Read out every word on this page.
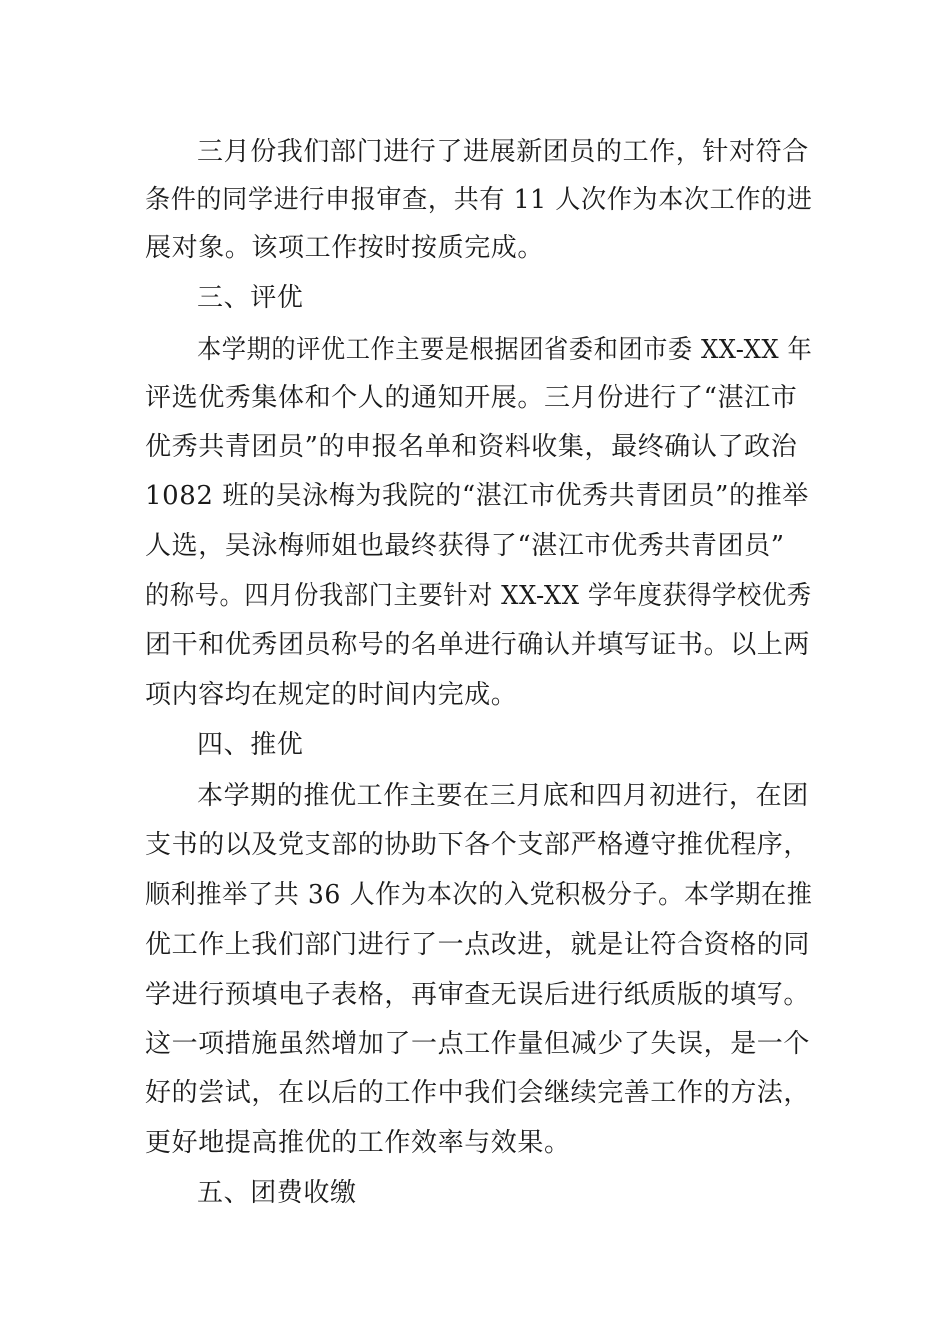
三月份我们部门进行了进展新团员的工作，针对符合
条件的同学进行申报审查，共有 11 人次作为本次工作的进
展对象。该项工作按时按质完成。
三、评优
本学期的评优工作主要是根据团省委和团市委 XX-XX 年
评选优秀集体和个人的通知开展。三月份进行了“湛江市
优秀共青团员”的申报名单和资料收集，最终确认了政治
1082 班的吴泳梅为我院的“湛江市优秀共青团员”的推举
人选，吴泳梅师姐也最终获得了“湛江市优秀共青团员”
的称号。四月份我部门主要针对 XX-XX 学年度获得学校优秀
团干和优秀团员称号的名单进行确认并填写证书。以上两
项内容均在规定的时间内完成。
四、推优
本学期的推优工作主要在三月底和四月初进行，在团
支书的以及党支部的协助下各个支部严格遵守推优程序，
顺利推举了共 36 人作为本次的入党积极分子。本学期在推
优工作上我们部门进行了一点改进，就是让符合资格的同
学进行预填电子表格，再审查无误后进行纸质版的填写。
这一项措施虽然增加了一点工作量但减少了失误，是一个
好的尝试，在以后的工作中我们会继续完善工作的方法，
更好地提高推优的工作效率与效果。
五、团费收缴
